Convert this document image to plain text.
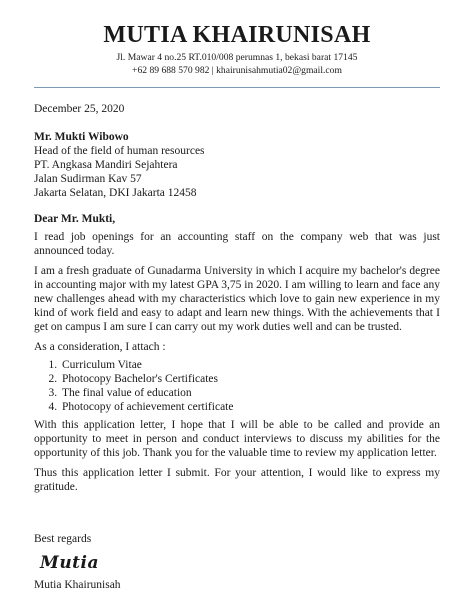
MUTIA KHAIRUNISAH
Jl. Mawar 4 no.25 RT.010/008 perumnas 1, bekasi barat 17145
+62 89 688 570 982 | khairunisahmutia02@gmail.com
December 25, 2020
Mr. Mukti Wibowo
Head of the field of human resources
PT. Angkasa Mandiri Sejahtera
Jalan Sudirman Kav 57
Jakarta Selatan, DKI Jakarta 12458
Dear Mr. Mukti,
I read job openings for an accounting staff on the company web that was just announced today.
I am a fresh graduate of Gunadarma University in which I acquire my bachelor's degree in accounting major with my latest GPA 3,75 in 2020. I am willing to learn and face any new challenges ahead with my characteristics which love to gain new experience in my kind of work field and easy to adapt and learn new things. With the achievements that I get on campus I am sure I can carry out my work duties well and can be trusted.
As a consideration, I attach :
1. Curriculum Vitae
2. Photocopy Bachelor's Certificates
3. The final value of education
4. Photocopy of achievement certificate
With this application letter, I hope that I will be able to be called and provide an opportunity to meet in person and conduct interviews to discuss my abilities for the opportunity of this job. Thank you for the valuable time to review my application letter.
Thus this application letter I submit. For your attention, I would like to express my gratitude.
Best regards
Mutia
Mutia Khairunisah
